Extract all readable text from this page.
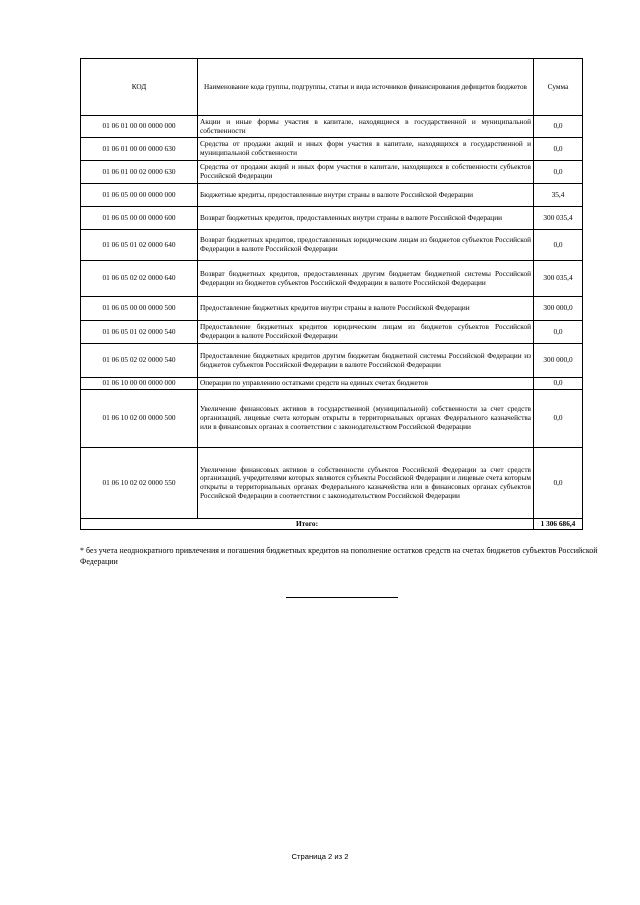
КОД	Наименование кода группы, подгруппы, статьи и вида источников финансирования дефицитов бюджетов	Сумма
01 06 01 00 00 0000 000	Акции и иные формы участия в капитале, находящиеся в государственной и муниципальной собственности	0,0
01 06 01 00 00 0000 630	Средства от продажи акций и иных форм участия в капитале, находящихся в государственной и муниципальной собственности	0,0
01 06 01 00 02 0000 630	Средства от продажи акций и иных форм участия в капитале, находящихся в собственности субъектов Российской Федерации	0,0
01 06 05 00 00 0000 000	Бюджетные кредиты, предоставленные внутри страны в валюте Российской Федерации	35,4
01 06 05 00 00 0000 600	Возврат бюджетных кредитов, предоставленных внутри страны в валюте Российской Федерации	300 035,4
01 06 05 01 02 0000 640	Возврат бюджетных кредитов, предоставленных юридическим лицам из бюджетов субъектов Российской Федерации в валюте Российской Федерации	0,0
01 06 05 02 02 0000 640	Возврат бюджетных кредитов, предоставленных другим бюджетам бюджетной системы Российской Федерации из бюджетов субъектов Российской Федерации в валюте Российской Федерации	300 035,4
01 06 05 00 00 0000 500	Предоставление бюджетных кредитов внутри страны в валюте Российской Федерации	300 000,0
01 06 05 01 02 0000 540	Предоставление бюджетных кредитов юридическим лицам из бюджетов субъектов Российской Федерации в валюте Российской Федерации	0,0
01 06 05 02 02 0000 540	Предоставление бюджетных кредитов другим бюджетам бюджетной системы Российской Федерации из бюджетов субъектов Российской Федерации в валюте Российской Федерации	300 000,0
01 06 10 00 00 0000 000	Операции по управлению остатками средств на единых счетах бюджетов	0,0
01 06 10 02 00 0000 500	Увеличение финансовых активов в государственной (муниципальной) собственности за счет средств организаций, лицевые счета которым открыты в территориальных органах Федерального казначейства или в финансовых органах в соответствии с законодательством Российской Федерации	0,0
01 06 10 02 02 0000 550	Увеличение финансовых активов в собственности субъектов Российской Федерации за счет средств организаций, учредителями которых являются субъекты Российской Федерации и лицевые счета которым открыты в территориальных органах Федерального казначейства или в финансовых органах субъектов Российской Федерации в соответствии с законодательством Российской Федерации	0,0
Итого:		1 306 686,4
* без учета неоднократного привлечения и погашения бюджетных кредитов на пополнение остатков средств на счетах бюджетов субъектов Российской Федерации
Страница 2 из 2
